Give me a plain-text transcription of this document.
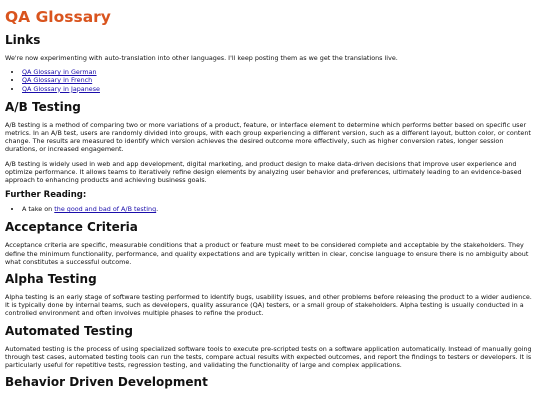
QA Glossary
Links

We're now experimenting with auto-translation into other languages. I'll keep posting them as we get the translations live.

• QA Glossary in German
• QA Glossary in French
• QA Glossary in Japanese
A/B Testing

A/B testing is a method of comparing two or more variations of a product, feature, or interface element to determine which performs better based on specific user metrics. In an A/B test, users are randomly divided into groups, with each group experiencing a different version, such as a different layout, button color, or content change. The results are measured to identify which version achieves the desired outcome more effectively, such as higher conversion rates, longer session durations, or increased engagement.

A/B testing is widely used in web and app development, digital marketing, and product design to make data-driven decisions that improve user experience and optimize performance. It allows teams to iteratively refine design elements by analyzing user behavior and preferences, ultimately leading to an evidence-based approach to enhancing products and achieving business goals.

Further Reading:
• A take on the good and bad of A/B testing.
Acceptance Criteria

Acceptance criteria are specific, measurable conditions that a product or feature must meet to be considered complete and acceptable by the stakeholders. They define the minimum functionality, performance, and quality expectations and are typically written in clear, concise language to ensure there is no ambiguity about what constitutes a successful outcome.

Alpha Testing

Alpha testing is an early stage of software testing performed to identify bugs, usability issues, and other problems before releasing the product to a wider audience. It is typically done by internal teams, such as developers, quality assurance (QA) testers, or a small group of stakeholders. Alpha testing is usually conducted in a controlled environment and often involves multiple phases to refine the product.

Automated Testing

Automated testing is the process of using specialized software tools to execute pre-scripted tests on a software application automatically. Instead of manually going through test cases, automated testing tools can run the tests, compare actual results with expected outcomes, and report the findings to testers or developers. It is particularly useful for repetitive tests, regression testing, and validating the functionality of large and complex applications.

Behavior Driven Development
